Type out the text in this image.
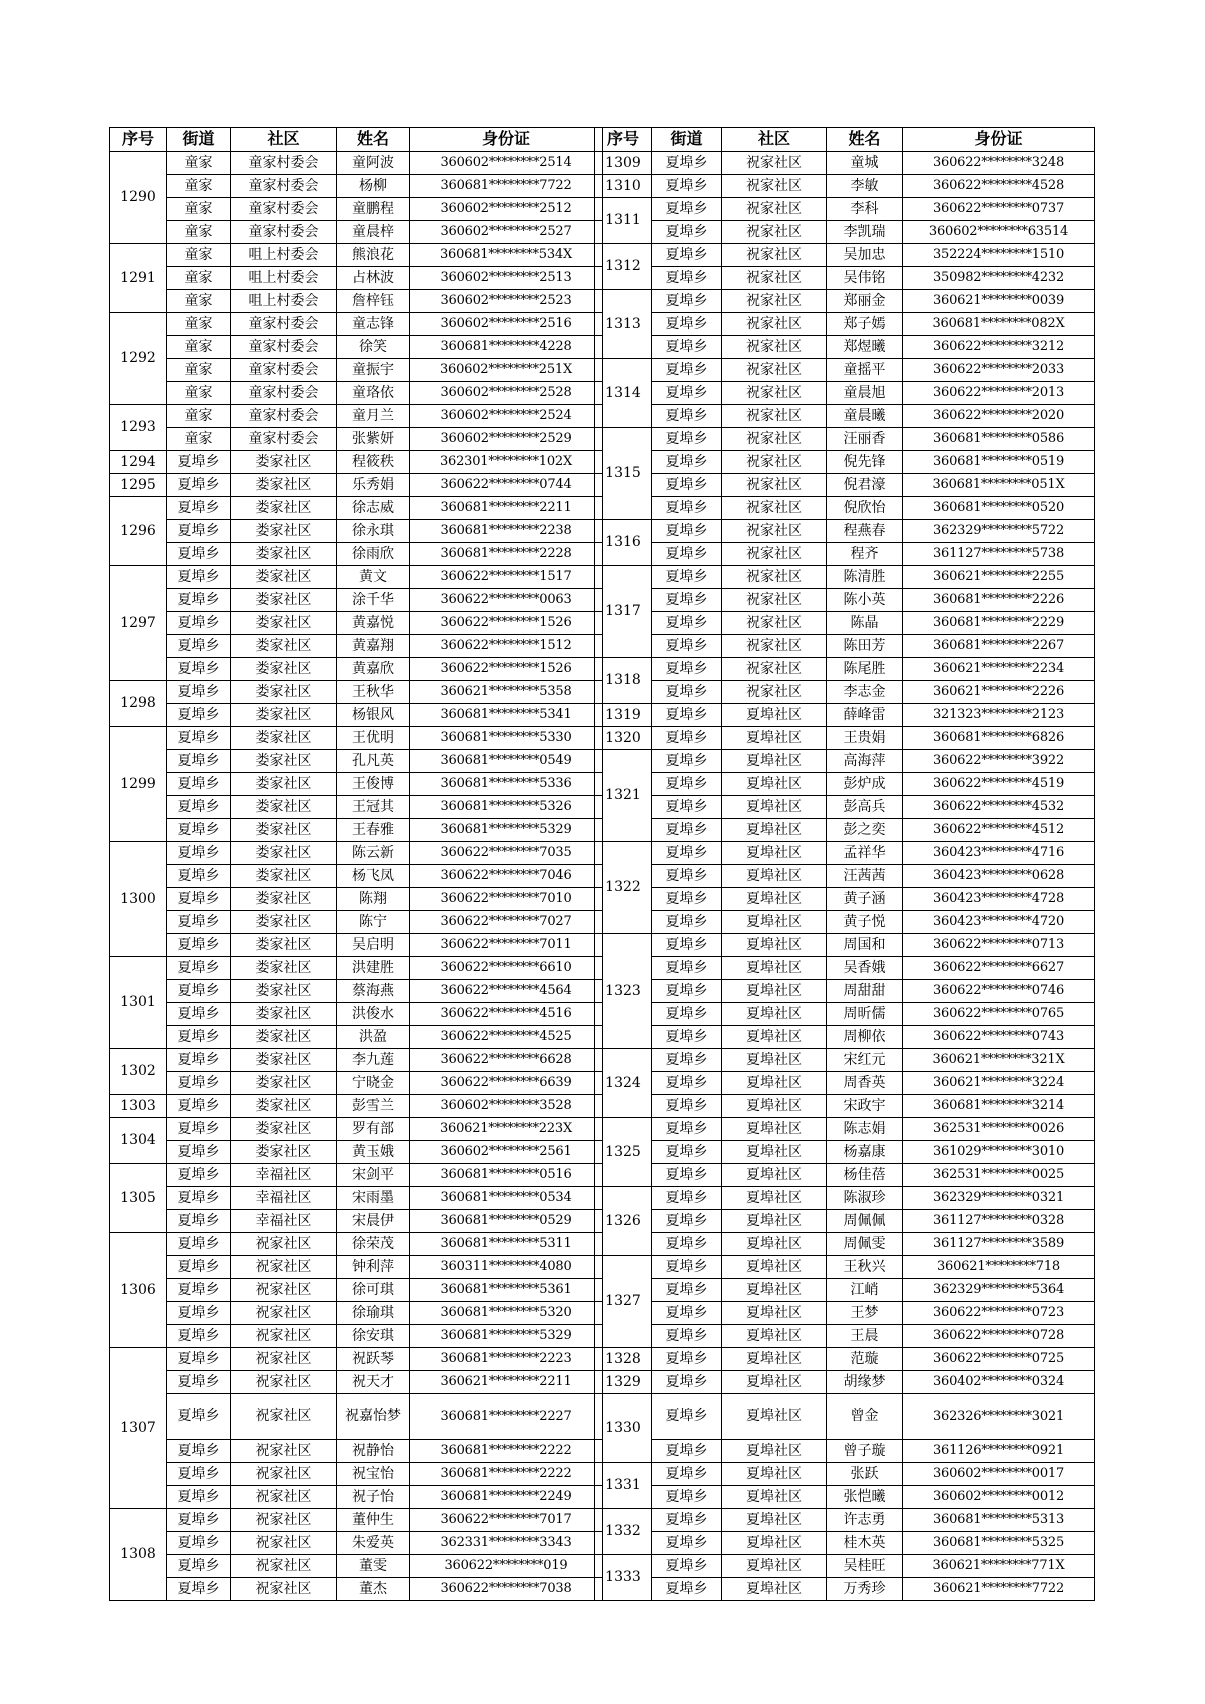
序号	街道	社区	姓名	身份证
1290	童家	童家村委会	童阿波	360602********2514
	童家	童家村委会	杨柳	360681********7722
	童家	童家村委会	童鹏程	360602********2512
	童家	童家村委会	童晨梓	360602********2527
1291	童家	咀上村委会	熊浪花	360681********534X
	童家	咀上村委会	占林波	360602********2513
	童家	咀上村委会	詹梓钰	360602********2523
1292	童家	童家村委会	童志锋	360602********2516
	童家	童家村委会	徐笑	360681********4228
	童家	童家村委会	童振宇	360602********251X
	童家	童家村委会	童珞依	360602********2528
1293	童家	童家村委会	童月兰	360602********2524
	童家	童家村委会	张紫妍	360602********2529
1294	夏埠乡	娄家社区	程筱秩	362301********102X
1295	夏埠乡	娄家社区	乐秀娟	360622********0744
1296	夏埠乡	娄家社区	徐志威	360681********2211
	夏埠乡	娄家社区	徐永琪	360681********2238
	夏埠乡	娄家社区	徐雨欣	360681********2228
1297	夏埠乡	娄家社区	黄文	360622********1517
	夏埠乡	娄家社区	涂千华	360622********0063
	夏埠乡	娄家社区	黄嘉悦	360622********1526
	夏埠乡	娄家社区	黄嘉翔	360622********1512
	夏埠乡	娄家社区	黄嘉欣	360622********1526
1298	夏埠乡	娄家社区	王秋华	360621********5358
	夏埠乡	娄家社区	杨银风	360681********5341
1299	夏埠乡	娄家社区	王优明	360681********5330
	夏埠乡	娄家社区	孔凡英	360681********0549
	夏埠乡	娄家社区	王俊博	360681********5336
	夏埠乡	娄家社区	王冠其	360681********5326
	夏埠乡	娄家社区	王春雅	360681********5329
1300	夏埠乡	娄家社区	陈云新	360622********7035
	夏埠乡	娄家社区	杨飞凤	360622********7046
	夏埠乡	娄家社区	陈翔	360622********7010
	夏埠乡	娄家社区	陈宁	360622********7027
	夏埠乡	娄家社区	吴启明	360622********7011
1301	夏埠乡	娄家社区	洪建胜	360622********6610
	夏埠乡	娄家社区	蔡海燕	360622********4564
	夏埠乡	娄家社区	洪俊水	360622********4516
	夏埠乡	娄家社区	洪盈	360622********4525
1302	夏埠乡	娄家社区	李九莲	360622********6628
	夏埠乡	娄家社区	宁晓金	360622********6639
1303	夏埠乡	娄家社区	彭雪兰	360602********3528
1304	夏埠乡	娄家社区	罗有部	360621********223X
	夏埠乡	娄家社区	黄玉娥	360602********2561
1305	夏埠乡	幸福社区	宋剑平	360681********0516
	夏埠乡	幸福社区	宋雨墨	360681********0534
	夏埠乡	幸福社区	宋晨伊	360681********0529
1306	夏埠乡	祝家社区	徐荣茂	360681********5311
	夏埠乡	祝家社区	钟利萍	360311********4080
	夏埠乡	祝家社区	徐可琪	360681********5361
	夏埠乡	祝家社区	徐瑜琪	360681********5320
	夏埠乡	祝家社区	徐安琪	360681********5329
1307	夏埠乡	祝家社区	祝跃琴	360681********2223
	夏埠乡	祝家社区	祝天才	360621********2211
	夏埠乡	祝家社区	祝嘉怡梦	360681********2227
	夏埠乡	祝家社区	祝静怡	360681********2222
	夏埠乡	祝家社区	祝宝怡	360681********2222
	夏埠乡	祝家社区	祝子怡	360681********2249
1308	夏埠乡	祝家社区	董仲生	360622********7017
	夏埠乡	祝家社区	朱爱英	362331********3343
	夏埠乡	祝家社区	董雯	360622********019
	夏埠乡	祝家社区	董杰	360622********7038
序号	街道	社区	姓名	身份证
1309	夏埠乡	祝家社区	童城	360622********3248
1310	夏埠乡	祝家社区	李敏	360622********4528
1311	夏埠乡	祝家社区	李科	360622********0737
	夏埠乡	祝家社区	李凯瑞	360602********63514
1312	夏埠乡	祝家社区	吴加忠	352224********1510
	夏埠乡	祝家社区	吴伟铭	350982********4232
1313	夏埠乡	祝家社区	郑丽金	360621********0039
	夏埠乡	祝家社区	郑子嫣	360681********082X
	夏埠乡	祝家社区	郑煜曦	360622********3212
1314	夏埠乡	祝家社区	童摇平	360622********2033
	夏埠乡	祝家社区	童晨旭	360622********2013
	夏埠乡	祝家社区	童晨曦	360622********2020
1315	夏埠乡	祝家社区	汪丽香	360681********0586
	夏埠乡	祝家社区	倪先锋	360681********0519
	夏埠乡	祝家社区	倪君濠	360681********051X
	夏埠乡	祝家社区	倪欣怡	360681********0520
1316	夏埠乡	祝家社区	程燕春	362329********5722
	夏埠乡	祝家社区	程齐	361127********5738
1317	夏埠乡	祝家社区	陈清胜	360621********2255
	夏埠乡	祝家社区	陈小英	360681********2226
	夏埠乡	祝家社区	陈晶	360681********2229
	夏埠乡	祝家社区	陈田芳	360681********2267
1318	夏埠乡	祝家社区	陈尾胜	360621********2234
	夏埠乡	祝家社区	李志金	360621********2226
1319	夏埠乡	夏埠社区	薛峰雷	321323********2123
1320	夏埠乡	夏埠社区	王贵娟	360681********6826
1321	夏埠乡	夏埠社区	高海萍	360622********3922
	夏埠乡	夏埠社区	彭炉成	360622********4519
	夏埠乡	夏埠社区	彭高兵	360622********4532
	夏埠乡	夏埠社区	彭之奕	360622********4512
1322	夏埠乡	夏埠社区	孟祥华	360423********4716
	夏埠乡	夏埠社区	汪茜茜	360423********0628
	夏埠乡	夏埠社区	黄子涵	360423********4728
	夏埠乡	夏埠社区	黄子悦	360423********4720
1323	夏埠乡	夏埠社区	周国和	360622********0713
	夏埠乡	夏埠社区	吴香娥	360622********6627
	夏埠乡	夏埠社区	周甜甜	360622********0746
	夏埠乡	夏埠社区	周昕儒	360622********0765
	夏埠乡	夏埠社区	周柳依	360622********0743
1324	夏埠乡	夏埠社区	宋红元	360621********321X
	夏埠乡	夏埠社区	周香英	360621********3224
	夏埠乡	夏埠社区	宋政宇	360681********3214
1325	夏埠乡	夏埠社区	陈志娟	362531********0026
	夏埠乡	夏埠社区	杨嘉康	361029********3010
	夏埠乡	夏埠社区	杨佳蓓	362531********0025
1326	夏埠乡	夏埠社区	陈淑珍	362329********0321
	夏埠乡	夏埠社区	周佩佩	361127********0328
	夏埠乡	夏埠社区	周佩雯	361127********3589
1327	夏埠乡	夏埠社区	王秋兴	360621********718
	夏埠乡	夏埠社区	江峭	362329********5364
	夏埠乡	夏埠社区	王梦	360622********0723
	夏埠乡	夏埠社区	王晨	360622********0728
1328	夏埠乡	夏埠社区	范璇	360622********0725
1329	夏埠乡	夏埠社区	胡缘梦	360402********0324
1330	夏埠乡	夏埠社区	曾金	362326********3021
	夏埠乡	夏埠社区	曾子璇	361126********0921
1331	夏埠乡	夏埠社区	张跃	360602********0017
	夏埠乡	夏埠社区	张恺曦	360602********0012
1332	夏埠乡	夏埠社区	许志勇	360681********5313
	夏埠乡	夏埠社区	桂木英	360681********5325
1333	夏埠乡	夏埠社区	吴桂旺	360621********771X
	夏埠乡	夏埠社区	万秀珍	360621********7722
